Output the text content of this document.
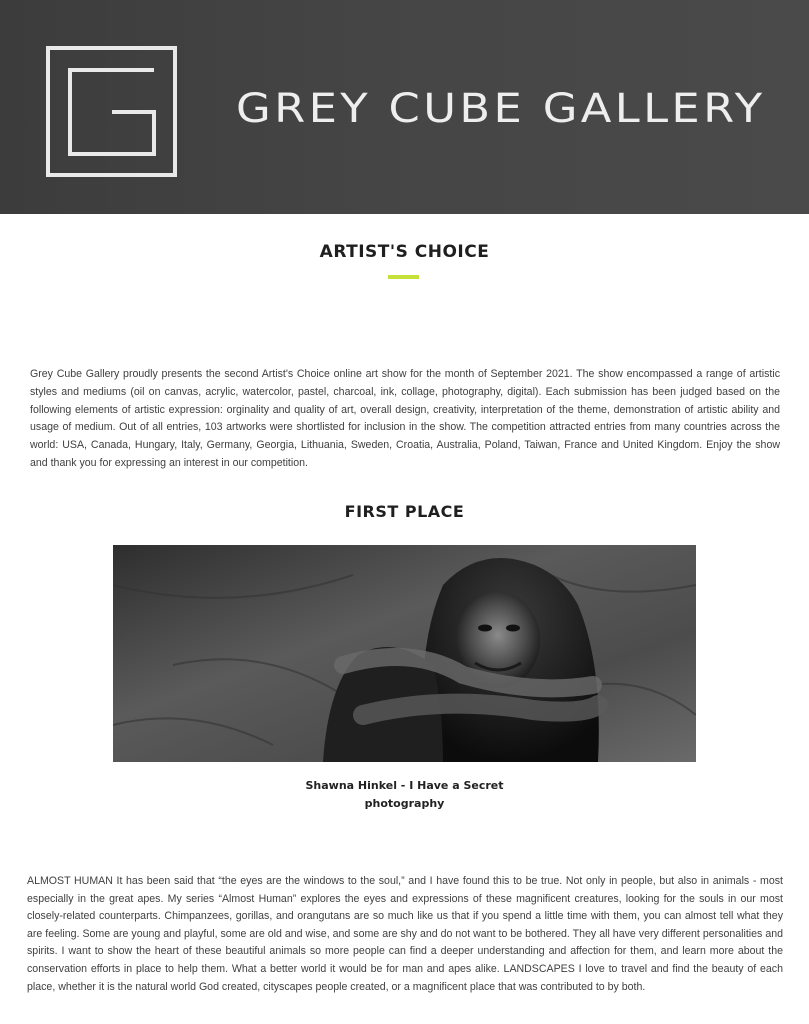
GREY CUBE GALLERY
ARTIST'S CHOICE

Grey Cube Gallery proudly presents the second Artist's Choice online art show for the month of September 2021. The show encompassed a range of artistic styles and mediums (oil on canvas, acrylic, watercolor, pastel, charcoal, ink, collage, photography, digital). Each submission has been judged based on the following elements of artistic expression: orginality and quality of art, overall design, creativity, interpretation of the theme, demonstration of artistic ability and usage of medium. Out of all entries, 103 artworks were shortlisted for inclusion in the show. The competition attracted entries from many countries across the world: USA, Canada, Hungary, Italy, Germany, Georgia, Lithuania, Sweden, Croatia, Australia, Poland, Taiwan, France and United Kingdom. Enjoy the show and thank you for expressing an interest in our competition.

FIRST PLACE
Shawna Hinkel - I Have a Secret
photography

ALMOST HUMAN It has been said that “the eyes are the windows to the soul,” and I have found this to be true. Not only in people, but also in animals - most especially in the great apes. My series “Almost Human” explores the eyes and expressions of these magnificent creatures, looking for the souls in our most closely-related counterparts. Chimpanzees, gorillas, and orangutans are so much like us that if you spend a little time with them, you can almost tell what they are feeling. Some are young and playful, some are old and wise, and some are shy and do not want to be bothered. They all have very different personalities and spirits. I want to show the heart of these beautiful animals so more people can find a deeper understanding and affection for them, and learn more about the conservation efforts in place to help them. What a better world it would be for man and apes alike. LANDSCAPES I love to travel and find the beauty of each place, whether it is the natural world God created, cityscapes people created, or a magnificent place that was contributed to by both.
